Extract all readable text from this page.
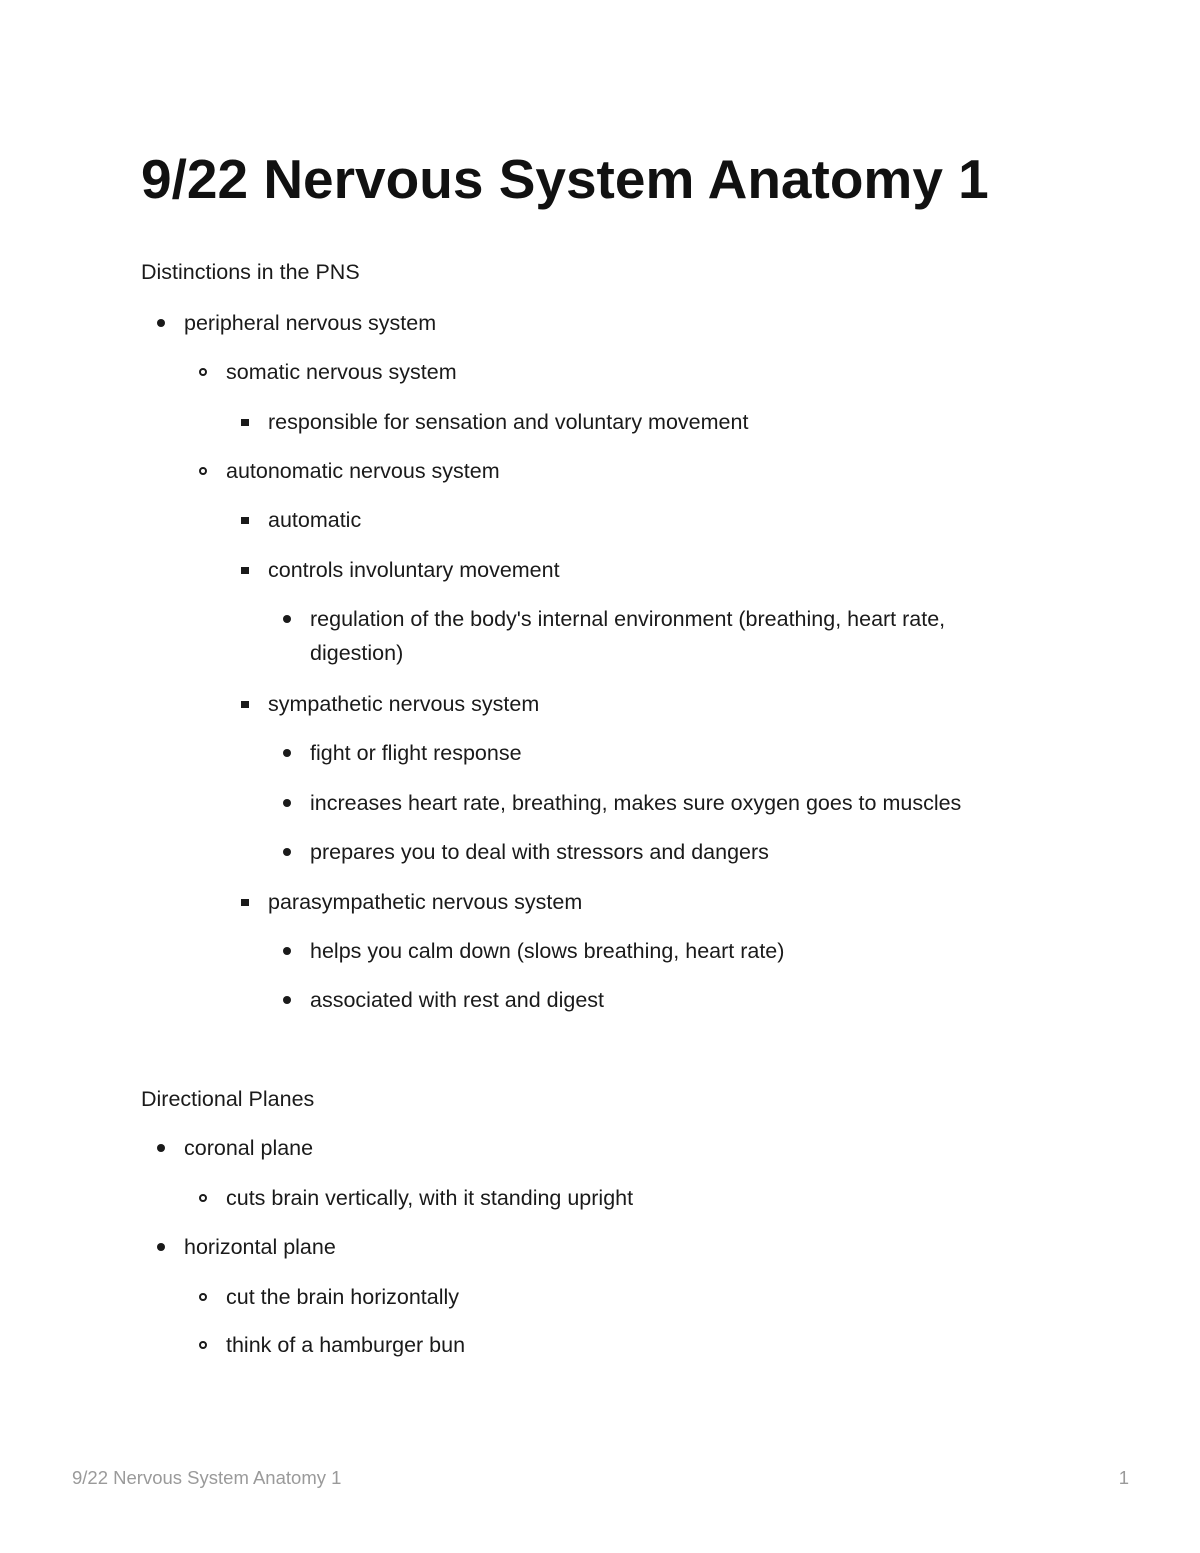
9/22 Nervous System Anatomy 1

Distinctions in the PNS

peripheral nervous system
somatic nervous system
responsible for sensation and voluntary movement
autonomatic nervous system
automatic
controls involuntary movement
regulation of the body's internal environment (breathing, heart rate, digestion)
sympathetic nervous system
fight or flight response
increases heart rate, breathing, makes sure oxygen goes to muscles
prepares you to deal with stressors and dangers
parasympathetic nervous system
helps you calm down (slows breathing, heart rate)
associated with rest and digest

Directional Planes

coronal plane
cuts brain vertically, with it standing upright
horizontal plane
cut the brain horizontally
think of a hamburger bun
9/22 Nervous System Anatomy 1	1
